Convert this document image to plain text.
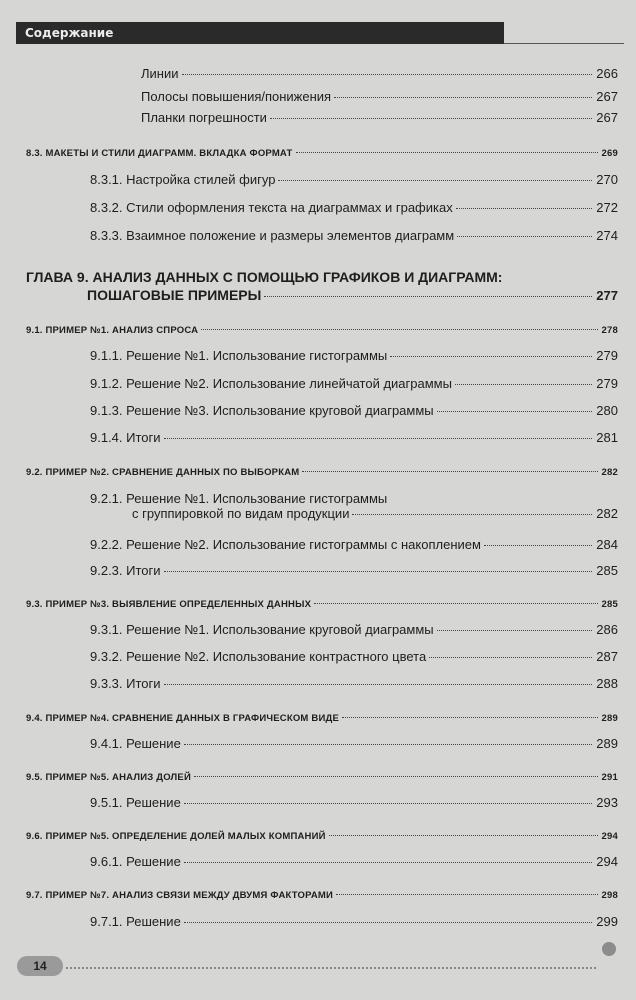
Содержание
Линии	266
Полосы повышения/понижения	267
Планки погрешности	267
8.3. МАКЕТЫ И СТИЛИ ДИАГРАММ. ВКЛАДКА ФОРМАТ	269
8.3.1. Настройка стилей фигур	270
8.3.2. Стили оформления текста на диаграммах и графиках	272
8.3.3. Взаимное положение и размеры элементов диаграмм	274
ГЛАВА 9. АНАЛИЗ ДАННЫХ С ПОМОЩЬЮ ГРАФИКОВ И ДИАГРАММ:
ПОШАГОВЫЕ ПРИМЕРЫ	277
9.1. ПРИМЕР №1. АНАЛИЗ СПРОСА	278
9.1.1. Решение №1. Использование гистограммы	279
9.1.2. Решение №2. Использование линейчатой диаграммы	279
9.1.3. Решение №3. Использование круговой диаграммы	280
9.1.4. Итоги	281
9.2. ПРИМЕР №2. СРАВНЕНИЕ ДАННЫХ ПО ВЫБОРКАМ	282
9.2.1. Решение №1. Использование гистограммы
с группировкой по видам продукции	282
9.2.2. Решение №2. Использование гистограммы с накоплением	284
9.2.3. Итоги	285
9.3. ПРИМЕР №3. ВЫЯВЛЕНИЕ ОПРЕДЕЛЕННЫХ ДАННЫХ	285
9.3.1. Решение №1. Использование круговой диаграммы	286
9.3.2. Решение №2. Использование контрастного цвета	287
9.3.3. Итоги	288
9.4. ПРИМЕР №4. СРАВНЕНИЕ ДАННЫХ В ГРАФИЧЕСКОМ ВИДЕ	289
9.4.1. Решение	289
9.5. ПРИМЕР №5. АНАЛИЗ ДОЛЕЙ	291
9.5.1. Решение	293
9.6. ПРИМЕР №5. ОПРЕДЕЛЕНИЕ ДОЛЕЙ МАЛЫХ КОМПАНИЙ	294
9.6.1. Решение	294
9.7. ПРИМЕР №7. АНАЛИЗ СВЯЗИ МЕЖДУ ДВУМЯ ФАКТОРАМИ	298
9.7.1. Решение	299
14
